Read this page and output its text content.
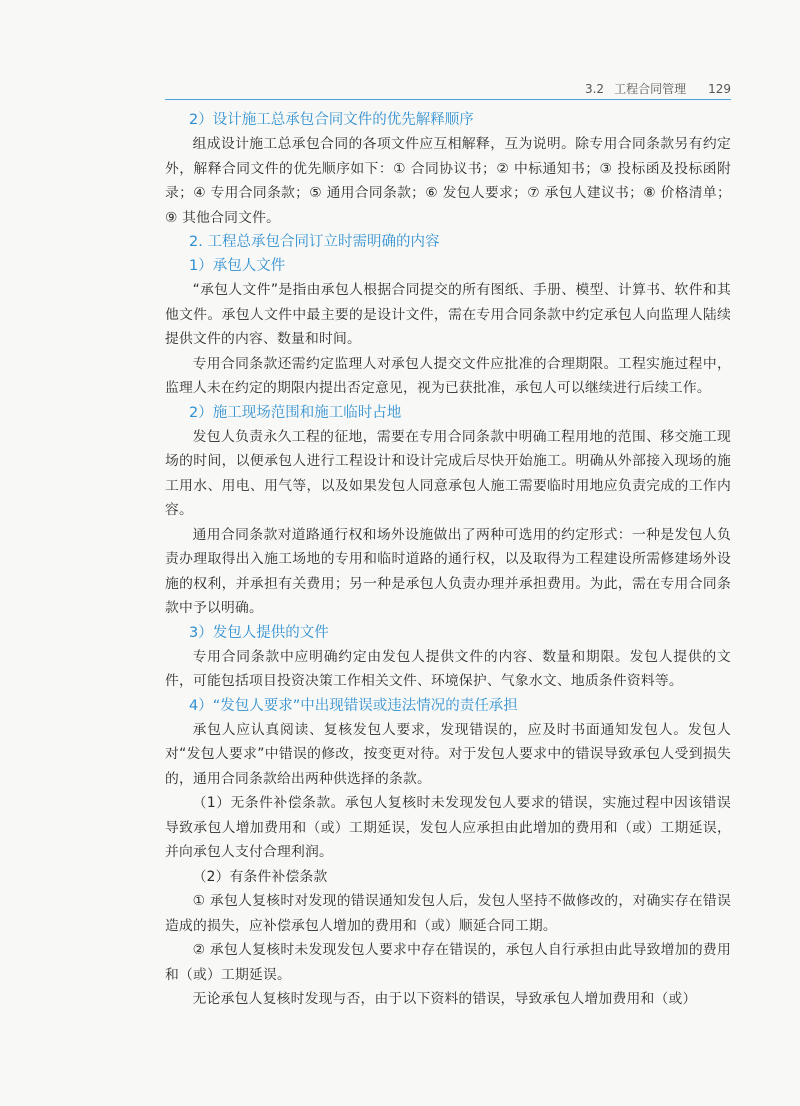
3.2 工程合同管理 129
2）设计施工总承包合同文件的优先解释顺序
组成设计施工总承包合同的各项文件应互相解释，互为说明。除专用合同条款另有约定外，解释合同文件的优先顺序如下：① 合同协议书；② 中标通知书；③ 投标函及投标函附录；④ 专用合同条款；⑤ 通用合同条款；⑥ 发包人要求；⑦ 承包人建议书；⑧ 价格清单；⑨ 其他合同文件。
2. 工程总承包合同订立时需明确的内容
1）承包人文件
“承包人文件”是指由承包人根据合同提交的所有图纸、手册、模型、计算书、软件和其他文件。承包人文件中最主要的是设计文件，需在专用合同条款中约定承包人向监理人陆续提供文件的内容、数量和时间。
专用合同条款还需约定监理人对承包人提交文件应批准的合理期限。工程实施过程中，监理人未在约定的期限内提出否定意见，视为已获批准，承包人可以继续进行后续工作。
2）施工现场范围和施工临时占地
发包人负责永久工程的征地，需要在专用合同条款中明确工程用地的范围、移交施工现场的时间，以便承包人进行工程设计和设计完成后尽快开始施工。明确从外部接入现场的施工用水、用电、用气等，以及如果发包人同意承包人施工需要临时用地应负责完成的工作内容。
通用合同条款对道路通行权和场外设施做出了两种可选用的约定形式：一种是发包人负责办理取得出入施工场地的专用和临时道路的通行权，以及取得为工程建设所需修建场外设施的权利，并承担有关费用；另一种是承包人负责办理并承担费用。为此，需在专用合同条款中予以明确。
3）发包人提供的文件
专用合同条款中应明确约定由发包人提供文件的内容、数量和期限。发包人提供的文件，可能包括项目投资决策工作相关文件、环境保护、气象水文、地质条件资料等。
4）“发包人要求”中出现错误或违法情况的责任承担
承包人应认真阅读、复核发包人要求，发现错误的，应及时书面通知发包人。发包人对“发包人要求”中错误的修改，按变更对待。对于发包人要求中的错误导致承包人受到损失的，通用合同条款给出两种供选择的条款。
（1）无条件补偿条款。承包人复核时未发现发包人要求的错误，实施过程中因该错误导致承包人增加费用和（或）工期延误，发包人应承担由此增加的费用和（或）工期延误，并向承包人支付合理利润。
（2）有条件补偿条款
① 承包人复核时对发现的错误通知发包人后，发包人坚持不做修改的，对确实存在错误造成的损失，应补偿承包人增加的费用和（或）顺延合同工期。
② 承包人复核时未发现发包人要求中存在错误的，承包人自行承担由此导致增加的费用和（或）工期延误。
无论承包人复核时发现与否，由于以下资料的错误，导致承包人增加费用和（或）
